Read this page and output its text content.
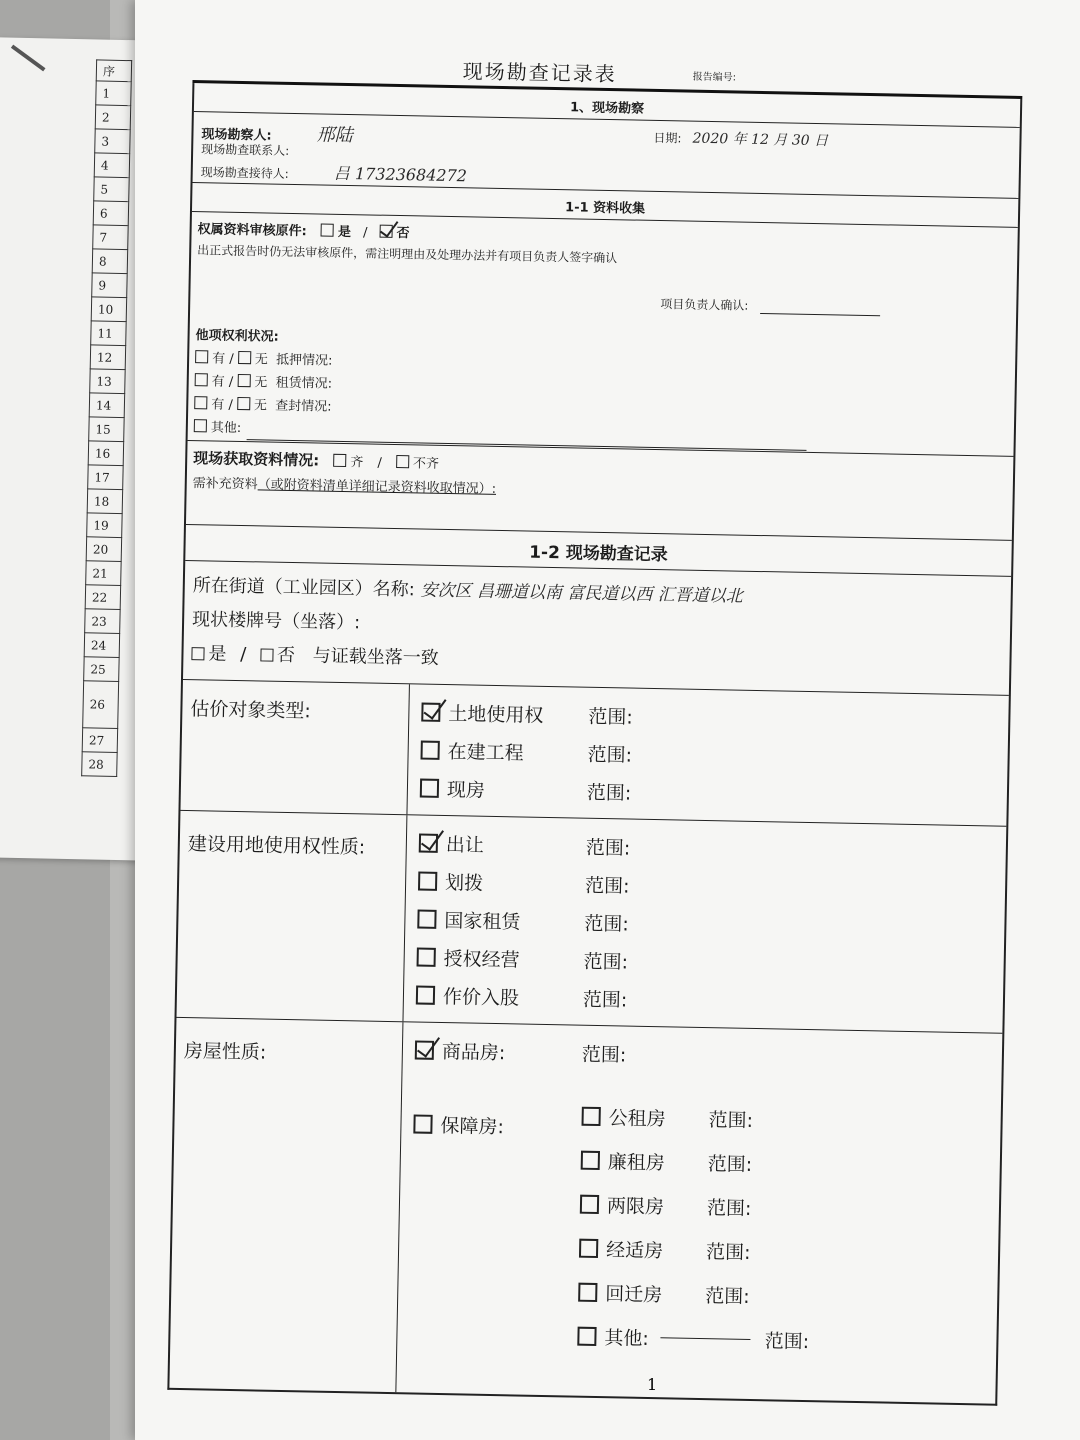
序
1
2
3
4
5
6
7
8
9
10
11
12
13
14
15
16
17
18
19
20
21
22
23
24
25
26
27
28
现场勘查记录表	报告编号:
1、现场勘察
现场勘察人: 邢陆
现场勘查联系人:
现场勘查接待人:	吕 17323684272
日期: 2020 年 12 月 30 日
1-1 资料收集
权属资料审核原件: 是 / 否
出正式报告时仍无法审核原件，需注明理由及处理办法并有项目负责人签字确认
项目负责人确认:
他项权利状况:
有 / 无 抵押情况:
有 / 无 租赁情况:
有 / 无 查封情况:
其他:
现场获取资料情况: 齐 / 不齐
需补充资料（或附资料清单详细记录资料收取情况）:
1-2 现场勘查记录
所在街道（工业园区）名称: 安次区 昌珊道以南 富民道以西 汇晋道以北
现状楼牌号（坐落）:
是 / 否 与证载坐落一致
估价对象类型:	土地使用权	范围:
在建工程	范围:
现房	范围:
建设用地使用权性质:	出让	范围:
划拨	范围:
国家租赁	范围:
授权经营	范围:
作价入股	范围:
房屋性质:	商品房:	范围:
保障房:	公租房	范围:
廉租房	范围:
两限房	范围:
经适房	范围:
回迁房	范围:
其他:	范围:
1
